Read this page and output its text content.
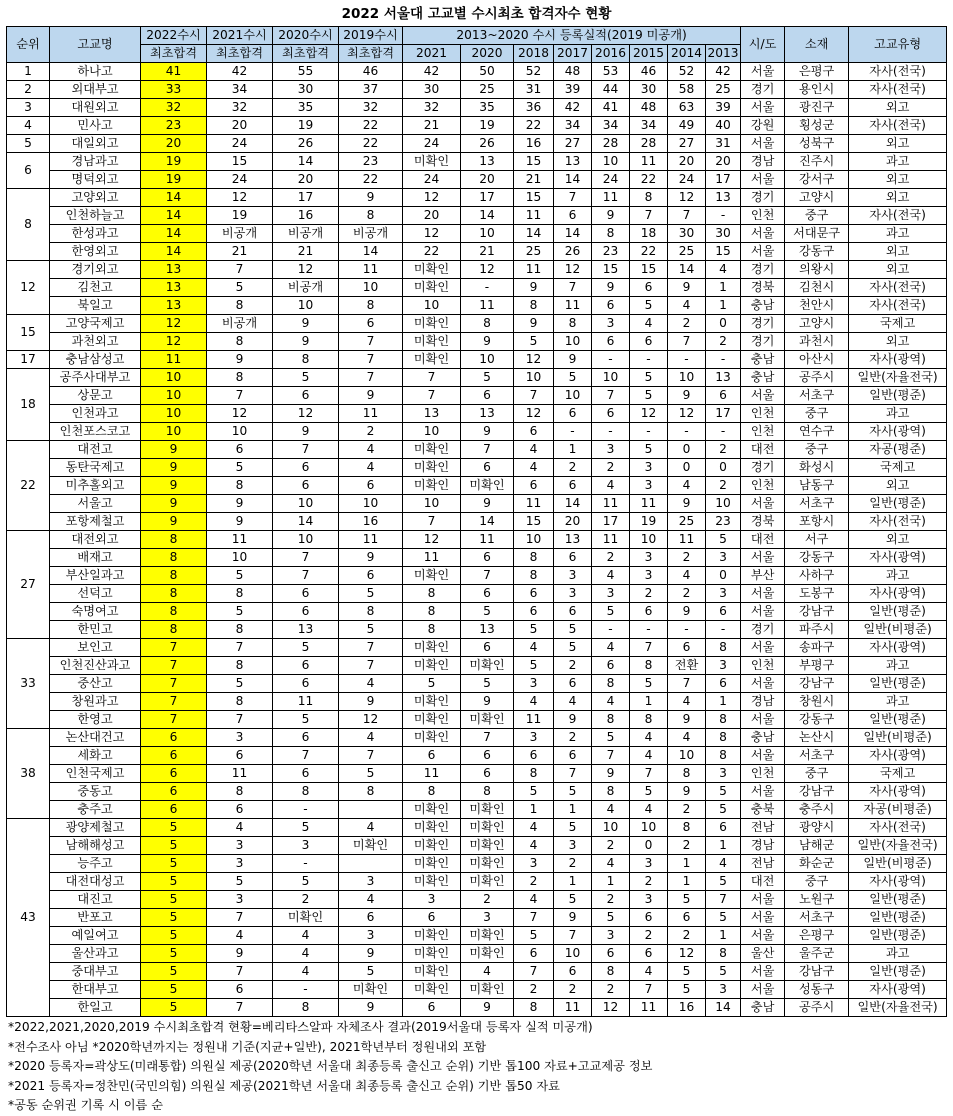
2022 서울대 고교별 수시최초 합격자수 현황
순위	고교명	2022수시	2021수시	2020수시	2019수시	2013~2020 수시 등록실적(2019 미공개)								시/도	소재	고교유형
		최초합격	최초합격	최초합격	최초합격	2021	2020	2018	2017	2016	2015	2014	2013			
1	하나고	41	42	55	46	42	50	52	48	53	46	52	42	서울	은평구	자사(전국)
2	외대부고	33	34	30	37	30	25	31	39	44	30	58	25	경기	용인시	자사(전국)
3	대원외고	32	32	35	32	32	35	36	42	41	48	63	39	서울	광진구	외고
4	민사고	23	20	19	22	21	19	22	34	34	34	49	40	강원	횡성군	자사(전국)
5	대일외고	20	24	26	22	24	26	16	27	28	28	27	31	서울	성북구	외고
6	경남과고	19	15	14	23	미확인	13	15	13	10	11	20	20	경남	진주시	과고
	명덕외고	19	24	20	22	24	20	21	14	24	22	24	17	서울	강서구	외고
8	고양외고	14	12	17	9	12	17	15	7	11	8	12	13	경기	고양시	외고
	인천하늘고	14	19	16	8	20	14	11	6	9	7	7	-	인천	중구	자사(전국)
	한성과고	14	비공개	비공개	비공개	12	10	14	14	8	18	30	30	서울	서대문구	과고
	한영외고	14	21	21	14	22	21	25	26	23	22	25	15	서울	강동구	외고
12	경기외고	13	7	12	11	미확인	12	11	12	15	15	14	4	경기	의왕시	외고
	김천고	13	5	비공개	10	미확인	-	9	7	9	6	9	1	경북	김천시	자사(전국)
	북일고	13	8	10	8	10	11	8	11	6	5	4	1	충남	천안시	자사(전국)
15	고양국제고	12	비공개	9	6	미확인	8	9	8	3	4	2	0	경기	고양시	국제고
	과천외고	12	8	9	7	미확인	9	5	10	6	6	7	2	경기	과천시	외고
17	충남삼성고	11	9	8	7	미확인	10	12	9	-	-	-	-	충남	아산시	자사(광역)
18	공주사대부고	10	8	5	7	7	5	10	5	10	5	10	13	충남	공주시	일반(자율전국)
	상문고	10	7	6	9	7	6	7	10	7	5	9	6	서울	서초구	일반(평준)
	인천과고	10	12	12	11	13	13	12	6	6	12	12	17	인천	중구	과고
	인천포스코고	10	10	9	2	10	9	6	-	-	-	-	-	인천	연수구	자사(광역)
22	대전고	9	6	7	4	미확인	7	4	1	3	5	0	2	대전	중구	자공(평준)
	동탄국제고	9	5	6	4	미확인	6	4	2	2	3	0	0	경기	화성시	국제고
	미추홀외고	9	8	6	6	미확인	미확인	6	6	4	3	4	2	인천	남동구	외고
	서울고	9	9	10	10	10	9	11	14	11	11	9	10	서울	서초구	일반(평준)
	포항제철고	9	9	14	16	7	14	15	20	17	19	25	23	경북	포항시	자사(전국)
27	대전외고	8	11	10	11	12	11	10	13	11	10	11	5	대전	서구	외고
	배재고	8	10	7	9	11	6	8	6	2	3	2	3	서울	강동구	자사(광역)
	부산일과고	8	5	7	6	미확인	7	8	3	4	3	4	0	부산	사하구	과고
	선덕고	8	8	6	5	8	6	6	3	3	2	2	3	서울	도봉구	자사(광역)
	숙명여고	8	5	6	8	8	5	6	6	5	6	9	6	서울	강남구	일반(평준)
	한민고	8	8	13	5	8	13	5	5	-	-	-	-	경기	파주시	일반(비평준)
33	보인고	7	7	5	7	미확인	6	4	5	4	7	6	8	서울	송파구	자사(광역)
	인천진산과고	7	8	6	7	미확인	미확인	5	2	6	8	전환	3	인천	부평구	과고
	중산고	7	5	6	4	5	5	3	6	8	5	7	6	서울	강남구	일반(평준)
	창원과고	7	8	11	9	미확인	9	4	4	4	1	4	1	경남	창원시	과고
	한영고	7	7	5	12	미확인	미확인	11	9	8	8	9	8	서울	강동구	일반(평준)
38	논산대건고	6	3	6	4	미확인	7	3	2	5	4	4	8	충남	논산시	일반(비평준)
	세화고	6	6	7	7	6	6	6	6	7	4	10	8	서울	서초구	자사(광역)
	인천국제고	6	11	6	5	11	6	8	7	9	7	8	3	인천	중구	국제고
	중동고	6	8	8	8	8	8	5	5	8	5	9	5	서울	강남구	자사(광역)
	충주고	6	6	-		미확인	미확인	1	1	4	4	2	5	충북	충주시	자공(비평준)
43	광양제철고	5	4	5	4	미확인	미확인	4	5	10	10	8	6	전남	광양시	자사(전국)
	남해해성고	5	3	3	미확인	미확인	미확인	4	3	2	0	2	1	경남	남해군	일반(자율전국)
	능주고	5	3	-		미확인	미확인	3	2	4	3	1	4	전남	화순군	일반(비평준)
	대전대성고	5	5	5	3	미확인	미확인	2	1	1	2	1	5	대전	중구	자사(광역)
	대진고	5	3	2	4	3	2	4	5	2	3	5	7	서울	노원구	일반(평준)
	반포고	5	7	미확인	6	6	3	7	9	5	6	6	5	서울	서초구	일반(평준)
	예일여고	5	4	4	3	미확인	미확인	5	7	3	2	2	1	서울	은평구	일반(평준)
	울산과고	5	9	4	9	미확인	미확인	6	10	6	6	12	8	울산	울주군	과고
	중대부고	5	7	4	5	미확인	4	7	6	8	4	5	5	서울	강남구	일반(평준)
	한대부고	5	6	-	미확인	미확인	미확인	2	2	2	7	5	3	서울	성동구	자사(광역)
	한일고	5	7	8	9	6	9	8	11	12	11	16	14	충남	공주시	일반(자율전국)
*2022,2021,2020,2019 수시최초합격 현황=베리타스알파 자체조사 결과(2019서울대 등록자 실적 미공개)
*전수조사 아님 *2020학년까지는 정원내 기준(지균+일반), 2021학년부터 정원내외 포함
*2020 등록자=곽상도(미래통합) 의원실 제공(2020학년 서울대 최종등록 출신고 순위) 기반 톱100 자료+고교제공 정보
*2021 등록자=정찬민(국민의힘) 의원실 제공(2021학년 서울대 최종등록 출신고 순위) 기반 톱50 자료
*공동 순위권 기록 시 이름 순
